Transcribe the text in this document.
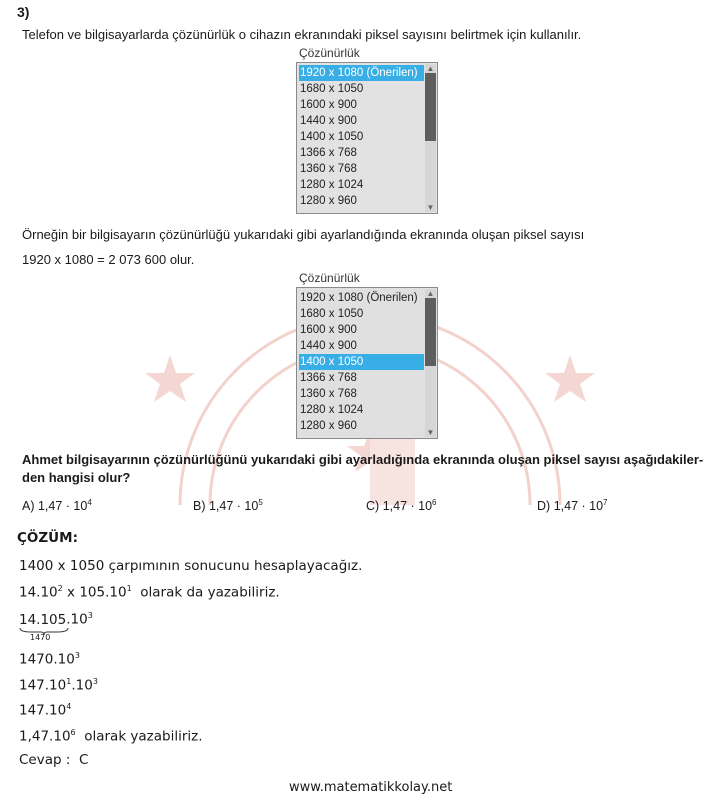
3)
Telefon ve bilgisayarlarda çözünürlük o cihazın ekranındaki piksel sayısını belirtmek için kullanılır.
Çözünürlük
1920 x 1080 (Önerilen)
1680 x 1050
1600 x 900
1440 x 900
1400 x 1050
1366 x 768
1360 x 768
1280 x 1024
1280 x 960
▲
▼
Örneğin bir bilgisayarın çözünürlüğü yukarıdaki gibi ayarlandığında ekranında oluşan piksel sayısı
1920 x 1080 = 2 073 600 olur.
Çözünürlük
1920 x 1080 (Önerilen)
1680 x 1050
1600 x 900
1440 x 900
1400 x 1050
1366 x 768
1360 x 768
1280 x 1024
1280 x 960
▲
▼
Ahmet bilgisayarının çözünürlüğünü yukarıdaki gibi ayarladığında ekranında oluşan piksel sayısı aşağıdakiler-
den hangisi olur?
A) $1,47 \cdot 10^4$	B) $1,47 \cdot 10^5$	C) $1,47 \cdot 10^6$	D) $1,47 \cdot 10^7$
ÇÖZÜM:
1400 x 1050 çarpımının sonucunu hesaplayacağız.
14.10$^2$ x 105.10$^1$  olarak da yazabiliriz.
14.105
1470
$.10^3$
1470.10$^3$
$147.10^1.10^3$
147.10$^4$
1,47.10$^6$  olarak yazabiliriz.
Cevap :  C
www.matematikkolay.net
